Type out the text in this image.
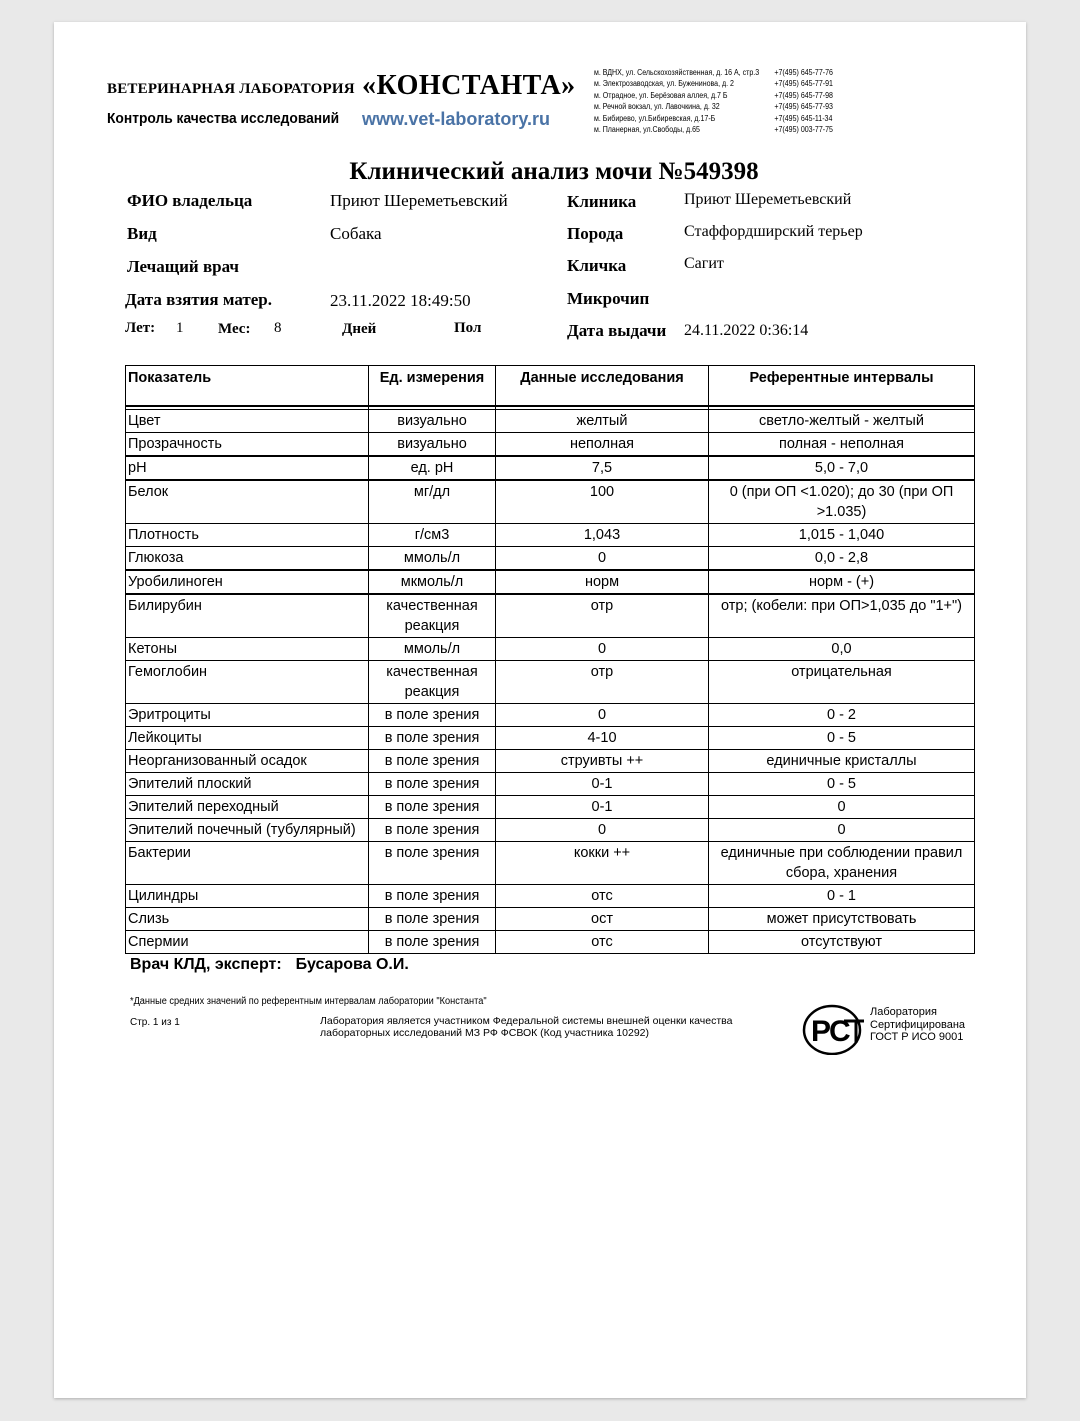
ВЕТЕРИНАРНАЯ ЛАБОРАТОРИЯ «КОНСТАНТА»
Контроль качества исследований www.vet-laboratory.ru
м. ВДНХ, ул. Сельскохозяйственная, д. 16 А, стр.3	+7(495) 645-77-76
м. Электрозаводская, ул. Буженинова, д. 2	+7(495) 645-77-91
м. Отрадное, ул. Берёзовая аллея, д.7 Б	+7(495) 645-77-98
м. Речной вокзал, ул. Лавочкина, д. 32	+7(495) 645-77-93
м. Бибирево, ул.Бибиревская, д.17-Б	+7(495) 645-11-34
м. Планерная, ул.Свободы, д.65	+7(495) 003-77-75
Клинический анализ мочи №549398
ФИО владельца	Приют Шереметьевский	Клиника	Приют Шереметьевский
Вид	Собака	Порода	Стаффордширский терьер
Лечащий врач	Кличка	Сагит
Дата взятия матер.	23.11.2022 18:49:50	Микрочип
Лет: 1 Мес: 8	Дней	Пол	Дата выдачи 24.11.2022 0:36:14
Показатель	Ед. измерения	Данные исследования	Референтные интервалы

Цвет	визуально	желтый	светло-желтый - желтый
Прозрачность	визуально	неполная	полная - неполная
pH	ед. pH	7,5	5,0 - 7,0
Белок	мг/дл	100	0 (при ОП <1.020); до 30 (при ОП >1.035)
Плотность	г/см3	1,043	1,015 - 1,040
Глюкоза	ммоль/л	0	0,0 - 2,8
Уробилиноген	мкмоль/л	норм	норм - (+)
Билирубин	качественная реакция	отр	отр; (кобели: при ОП>1,035 до "1+")
Кетоны	ммоль/л	0	0,0
Гемоглобин	качественная реакция	отр	отрицательная
Эритроциты	в поле зрения	0	0 - 2
Лейкоциты	в поле зрения	4-10	0 - 5
Неорганизованный осадок	в поле зрения	струивты ++	единичные кристаллы
Эпителий плоский	в поле зрения	0-1	0 - 5
Эпителий переходный	в поле зрения	0-1	0
Эпителий почечный (тубулярный)	в поле зрения	0	0
Бактерии	в поле зрения	кокки ++	единичные при соблюдении правил сбора, хранения
Цилиндры	в поле зрения	отс	0 - 1
Слизь	в поле зрения	ост	может присутствовать
Спермии	в поле зрения	отс	отсутствуют
Врач КЛД, эксперт: Бусарова О.И.
*Данные средних значений по референтным интервалам лаборатории "Константа"
Стр. 1 из 1	Лаборатория является участником Федеральной системы внешней оценки качества лабораторных исследований МЗ РФ ФСВОК (Код участника 10292)	P
C
Лаборатория
Сертифицирована
ГОСТ Р ИСО 9001
